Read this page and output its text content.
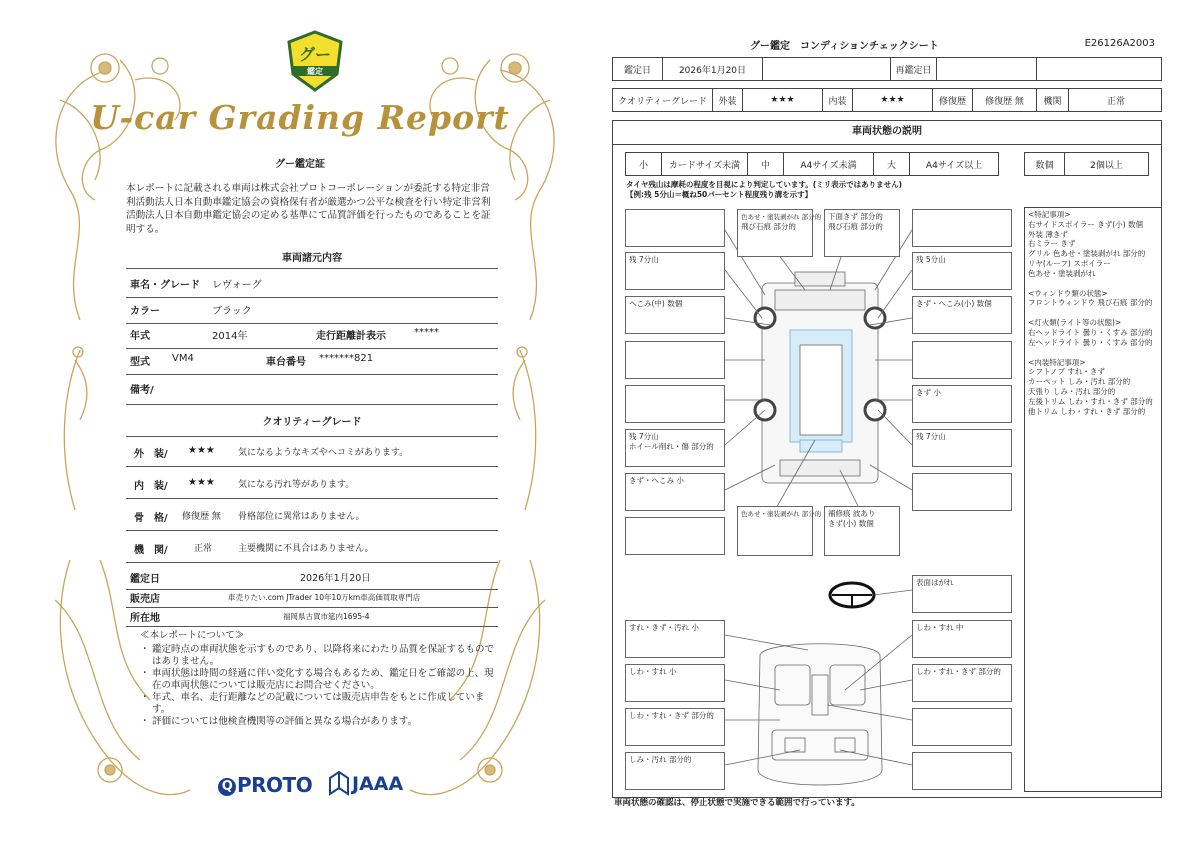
グー
鑑定
U-car Grading Report
グー鑑定証
本レポートに記載される車両は株式会社プロトコーポレーションが委託する特定非営利活動法人日本自動車鑑定協会の資格保有者が厳選かつ公平な検査を行い特定非営利活動法人日本自動車鑑定協会の定める基準にて品質評価を行ったものであることを証明する。
車両諸元内容
車名・グレード レヴォーグ
カラー	ブラック
年式	2014年	走行距離計表示	*****
型式 VM4	車台番号 *******821
備考/
クオリティーグレード
外　装/ ★★★	気になるようなキズやヘコミがあります。
内　装/ ★★★	気になる汚れ等があります。
骨　格/ 修復歴 無 骨格部位に異常はありません。
機　関/	正常	主要機関に不具合はありません。
鑑定日	2026年1月20日
販売店	車売りたい.com JTrader 10年10万km車高価買取専門店
所在地	福岡県古賀市筵内1695-4
≪本レポートについて≫
・ 鑑定時点の車両状態を示すものであり、以降将来にわたり品質を保証するものではありません。
・ 車両状態は時間の経過に伴い変化する場合もあるため、鑑定日をご確認の上、現在の車両状態については販売店にお問合せください。
・ 年式、車名、走行距離などの記載については販売店申告をもとに作成しています。
・ 評価については他検査機関等の評価と異なる場合があります。
Q PROTO	JAAA
グー鑑定　コンディションチェックシート	E26126A2003
鑑定日	2026年1月20日	再鑑定日
クオリティーグレード	外装	★★★	内装	★★★	修復歴	修復歴 無	機関	正常
車両状態の説明
小	カードサイズ未満	中	A4サイズ未満	大	A4サイズ以上	数個	2個以上
タイヤ残山は摩耗の程度を目視により判定しています。(ミリ表示ではありません)
【例:残 5分山＝概ね50パーセント程度残り溝を示す】
残 7分山
へこみ(中) 数個
残 7分山
ホイール削れ・傷 部分的
きず・へこみ 小
残 5分山
きず・へこみ(小) 数個
きず 小
残 7分山
色あせ・塗装剥がれ 部分的
飛び石痕 部分的
下面きず 部分的
飛び石痕 部分的
色あせ・塗装剥がれ 部分的 補修痕 波あり
きず(小) 数個
表面はがれ
すれ・きず・汚れ 小	しわ・すれ 中
しわ・すれ 小	しわ・すれ・きず 部分的
しわ・すれ・きず 部分的
しみ・汚れ 部分的
<特記事項>
右サイドスポイラー きず(小) 数個
外装 薄きず
右ミラー きず
グリル 色あせ・塗装剥がれ 部分的
リヤ(ルーフ) スポイラー
色あせ・塗装剥がれ
<ウィンドウ類の状態>
フロントウィンドウ 飛び石痕 部分的
<灯火類(ライト等の状態)>
右ヘッドライト 曇り・くすみ 部分的
左ヘッドライト 曇り・くすみ 部分的
<内装特記事項>
シフトノブ すれ・きず
カーペット しみ・汚れ 部分的
天張り しみ・汚れ 部分的
左後トリム しわ・すれ・きず 部分的
他トリム しわ・すれ・きず 部分的
車両状態の確認は、停止状態で実施できる範囲で行っています。
